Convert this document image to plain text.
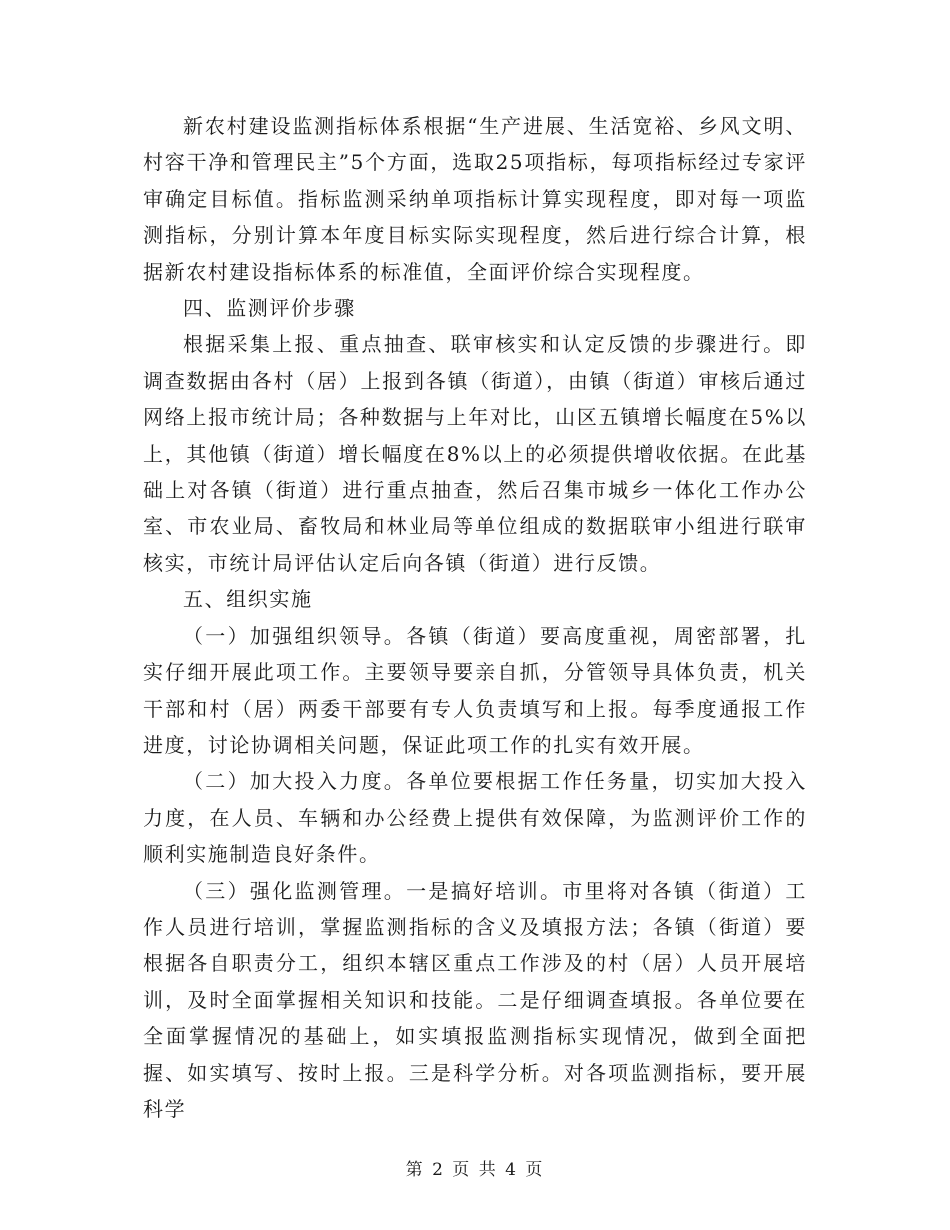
新农村建设监测指标体系根据“生产进展、生活宽裕、乡风文明、村容干净和管理民主”5个方面，选取25项指标，每项指标经过专家评审确定目标值。指标监测采纳单项指标计算实现程度，即对每一项监测指标，分别计算本年度目标实际实现程度，然后进行综合计算，根据新农村建设指标体系的标准值，全面评价综合实现程度。

四、监测评价步骤

根据采集上报、重点抽查、联审核实和认定反馈的步骤进行。即调查数据由各村（居）上报到各镇（街道），由镇（街道）审核后通过网络上报市统计局；各种数据与上年对比，山区五镇增长幅度在5%以上，其他镇（街道）增长幅度在8%以上的必须提供增收依据。在此基础上对各镇（街道）进行重点抽查，然后召集市城乡一体化工作办公室、市农业局、畜牧局和林业局等单位组成的数据联审小组进行联审核实，市统计局评估认定后向各镇（街道）进行反馈。

五、组织实施

（一）加强组织领导。各镇（街道）要高度重视，周密部署，扎实仔细开展此项工作。主要领导要亲自抓，分管领导具体负责，机关干部和村（居）两委干部要有专人负责填写和上报。每季度通报工作进度，讨论协调相关问题，保证此项工作的扎实有效开展。

（二）加大投入力度。各单位要根据工作任务量，切实加大投入力度，在人员、车辆和办公经费上提供有效保障，为监测评价工作的顺利实施制造良好条件。

（三）强化监测管理。一是搞好培训。市里将对各镇（街道）工作人员进行培训，掌握监测指标的含义及填报方法；各镇（街道）要根据各自职责分工，组织本辖区重点工作涉及的村（居）人员开展培训，及时全面掌握相关知识和技能。二是仔细调查填报。各单位要在全面掌握情况的基础上，如实填报监测指标实现情况，做到全面把握、如实填写、按时上报。三是科学分析。对各项监测指标，要开展科学

第 2 页 共 4 页
